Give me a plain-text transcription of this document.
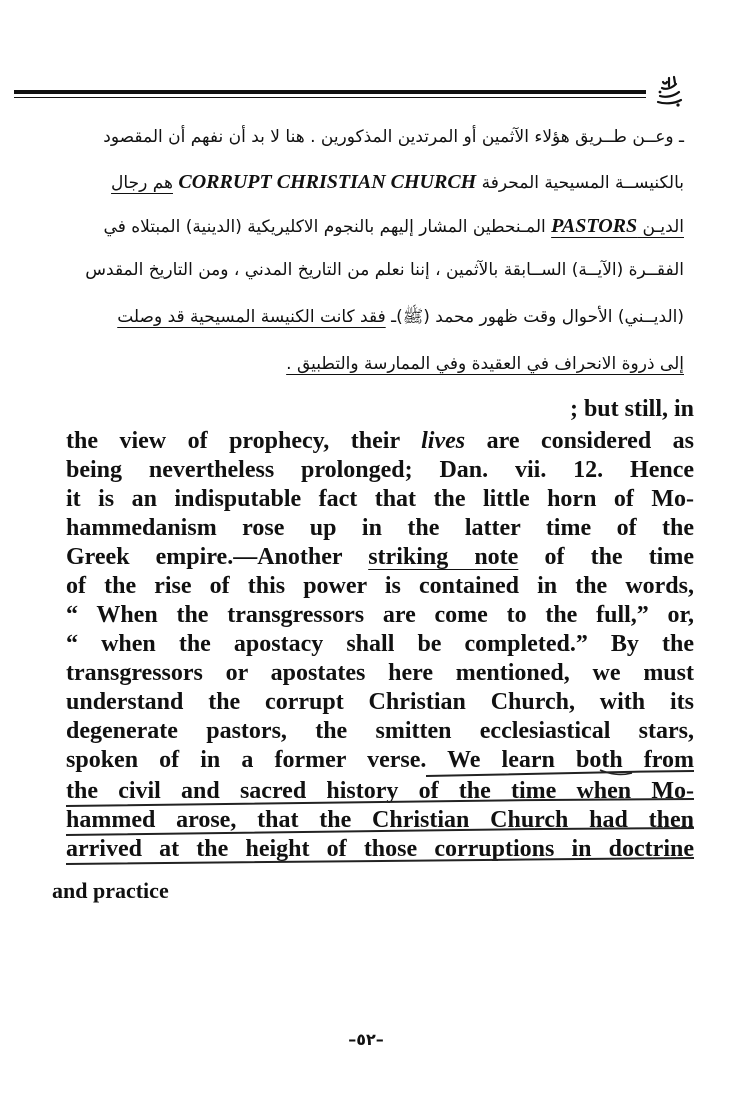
ـ وعــن طــريق هؤلاء الآثمين أو المرتدين المذكورين . هنا لا بد أن نفهم أن المقصود
بالكنيســة المسيحية المحرفة CORRUPT CHRISTIAN CHURCH هم رجال
الديـن PASTORS المـنحطين المشار إليهم بالنجوم الاكليريكية (الدينية) المبتلاه في
الفقــرة (الآيــة) الســابقة بالآثمين ، إننا نعلم من التاريخ المدني ، ومن التاريخ المقدس
(الديــني) الأحوال وقت ظهور محمد (ﷺ)ـ فقد كانت الكنيسة المسيحية قد وصلت
إلى ذروة الانحراف في العقيدة وفي الممارسة والتطبيق .
; but still, in
the view of prophecy, their lives are considered as
being nevertheless prolonged; Dan. vii. 12. Hence
it is an indisputable fact that the little horn of Mo-
hammedanism rose up in the latter time of the
Greek empire.—Another striking note of the time
of the rise of this power is contained in the words,
“ When the transgressors are come to the full,” or,
“ when the apostacy shall be completed.” By the
transgressors or apostates here mentioned, we must
understand the corrupt Christian Church, with its
degenerate pastors, the smitten ecclesiastical stars,
spoken of in a former verse. We learn both from
the civil and sacred history of the time when Mo-
hammed arose, that the Christian Church had then
arrived at the height of those corruptions in doctrine
and practice
–٥٢–
